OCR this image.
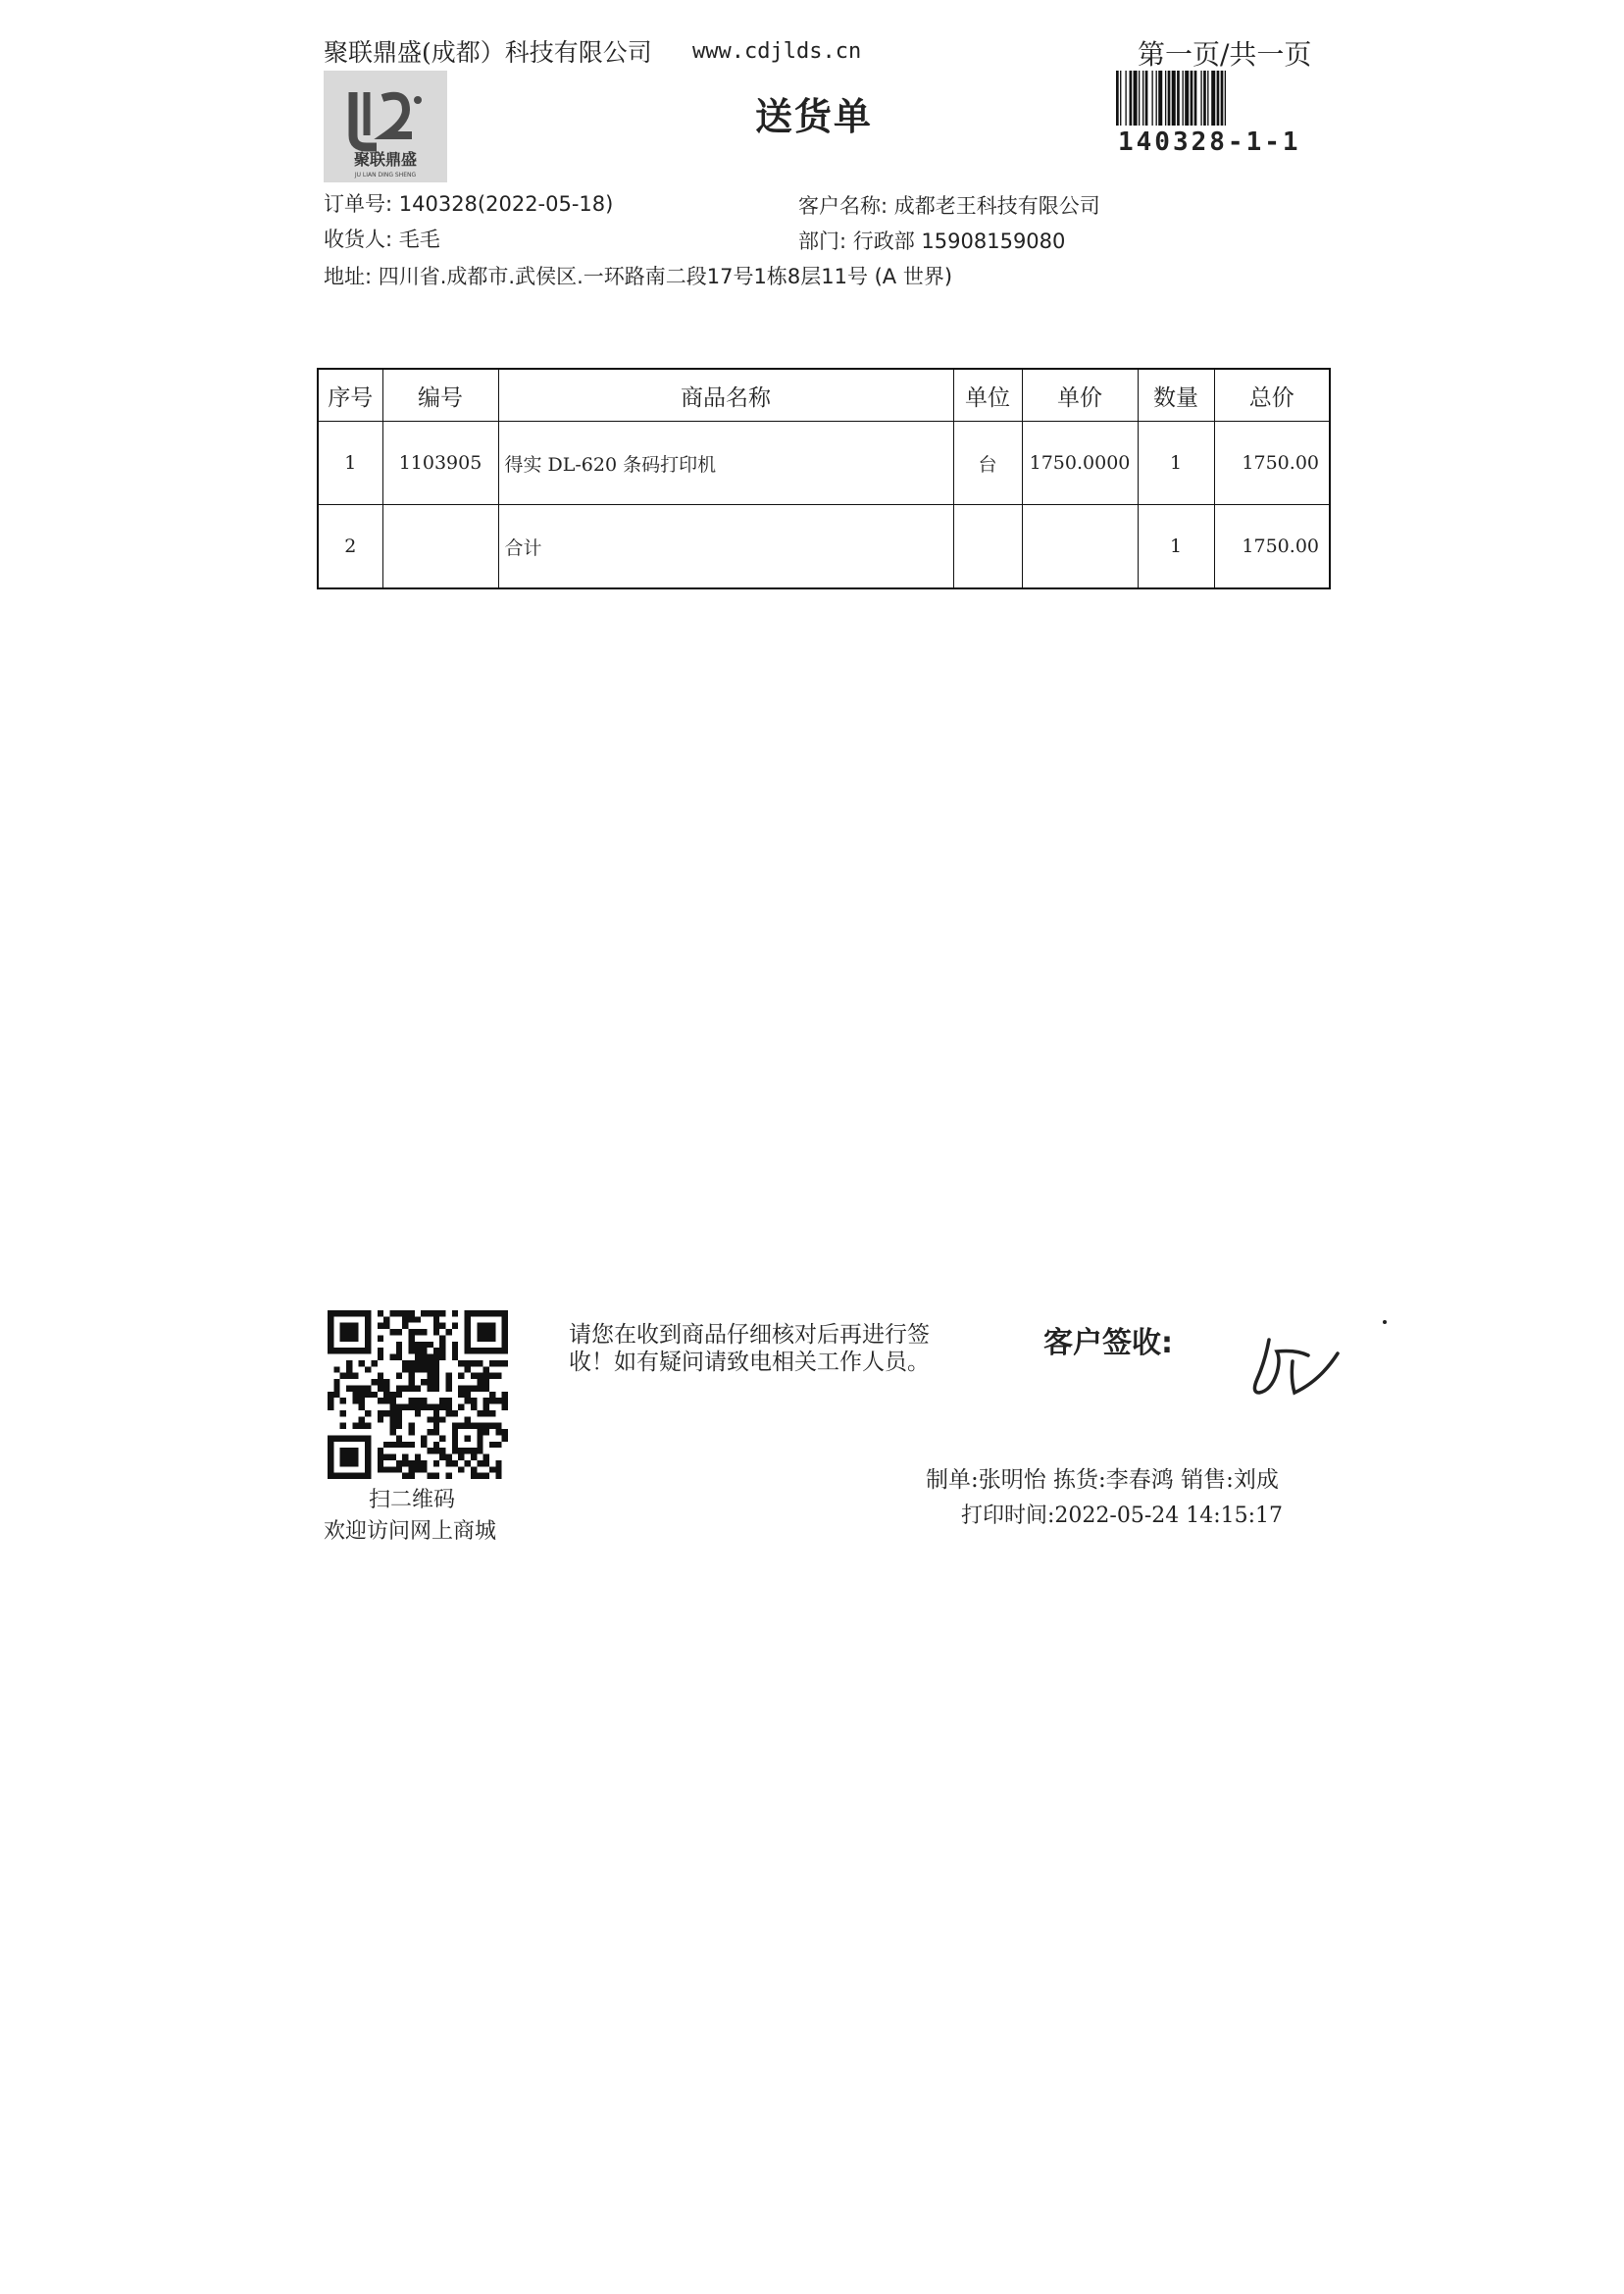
聚联鼎盛(成都）科技有限公司 www.cdjlds.cn	第一页/共一页
送货单
聚联鼎盛
JU LIAN DING SHENG
140328-1-1
订单号: 140328(2022-05-18)
收货人: 毛毛
地址: 四川省.成都市.武侯区.一环路南二段17号1栋8层11号 (A 世界)
客户名称: 成都老王科技有限公司
部门: 行政部 15908159080
序号	编号	商品名称	单位	单价	数量	总价
1	1103905	得实 DL-620 条码打印机	台	1750.0000	1	1750.00
2		合计			1	1750.00
扫二维码
欢迎访问网上商城
请您在收到商品仔细核对后再进行签
收！如有疑问请致电相关工作人员。
客户签收:
制单:张明怡 拣货:李春鸿 销售:刘成
打印时间:2022-05-24 14:15:17
